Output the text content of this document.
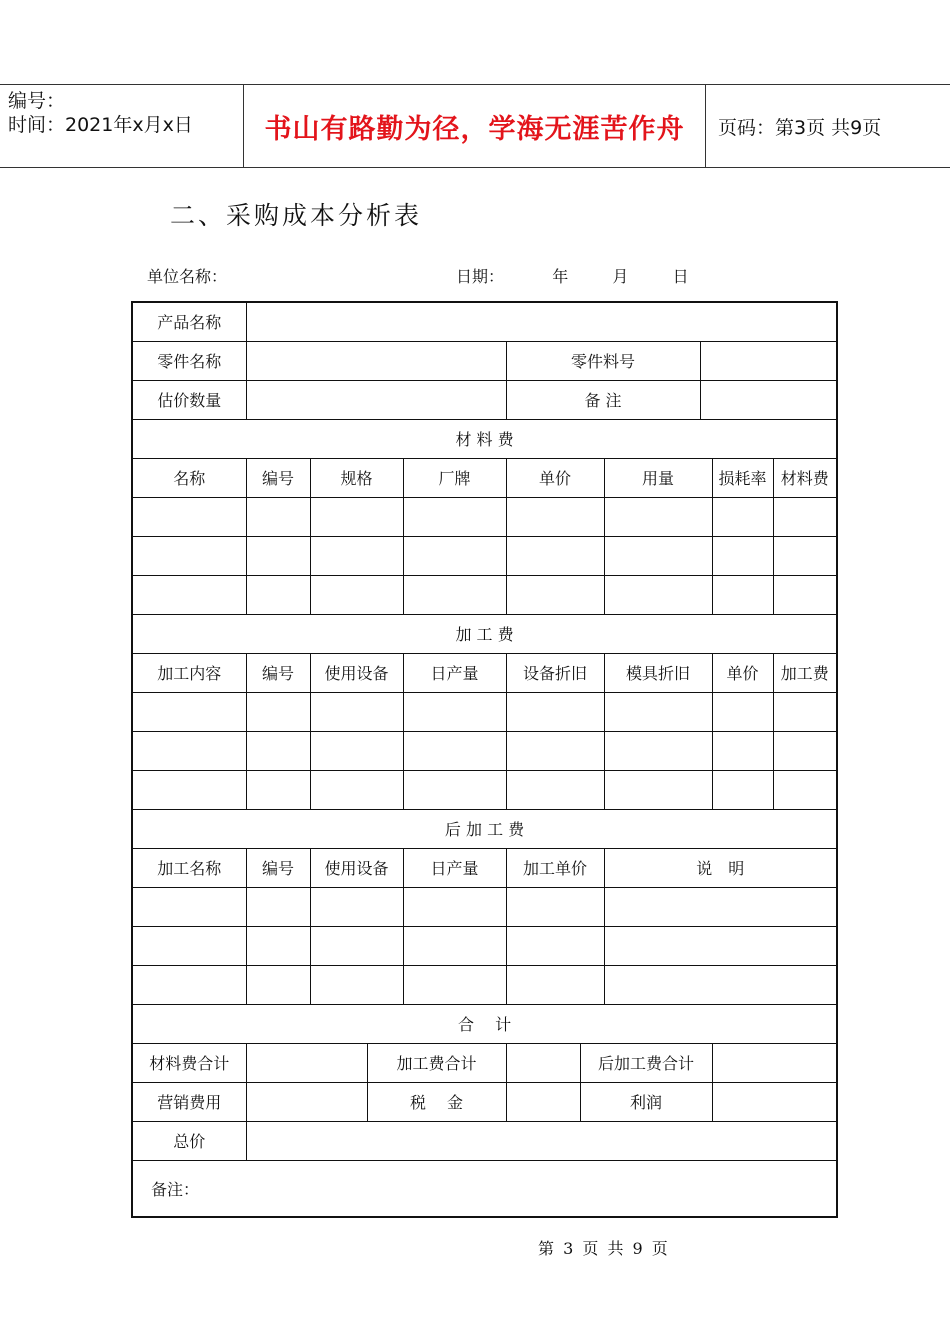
编号：
时间：2021年x月x日	书山有路勤为径，学海无涯苦作舟	页码：第3页 共9页
二、采购成本分析表
单位名称：	日期：	年	月	日
产品名称										
零件名称					零件料号					
估价数量					备 注					
材 料 费										
名称	编号	规格		厂牌	单价		用量		损耗率	材料费

加 工 费										
加工内容	编号	使用设备		日产量	设备折旧		模具折旧		单价	加工费

后 加 工 费										
加工名称	编号	使用设备		日产量	加工单价		说　明			

合　 计										
材料费合计			加工费合计			后加工费合计				
营销费用			税　 金			利润				
总价										
备注：										
第 3 页 共 9 页
